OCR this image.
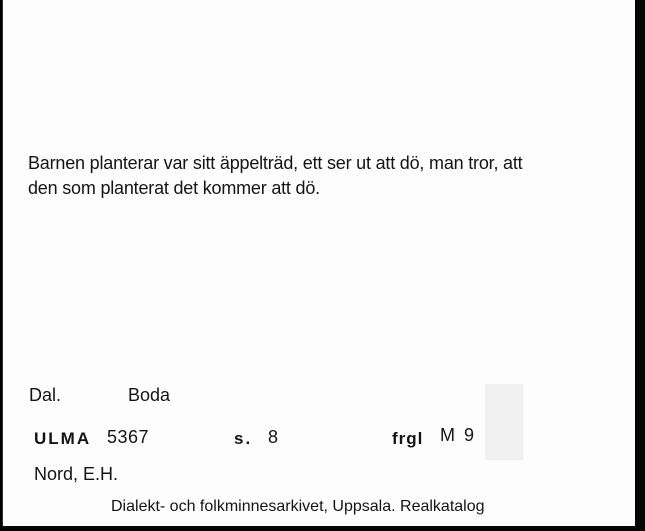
▮

Barnen planterar var sitt äppelträd, ett ser ut att dö, man tror, att
den som planterat det kommer att dö.

Dal.	Boda
ULMA 5367	s. 8	frgl M 9
Nord, E.H.
Dialekt- och folkminnesarkivet, Uppsala. Realkatalog
